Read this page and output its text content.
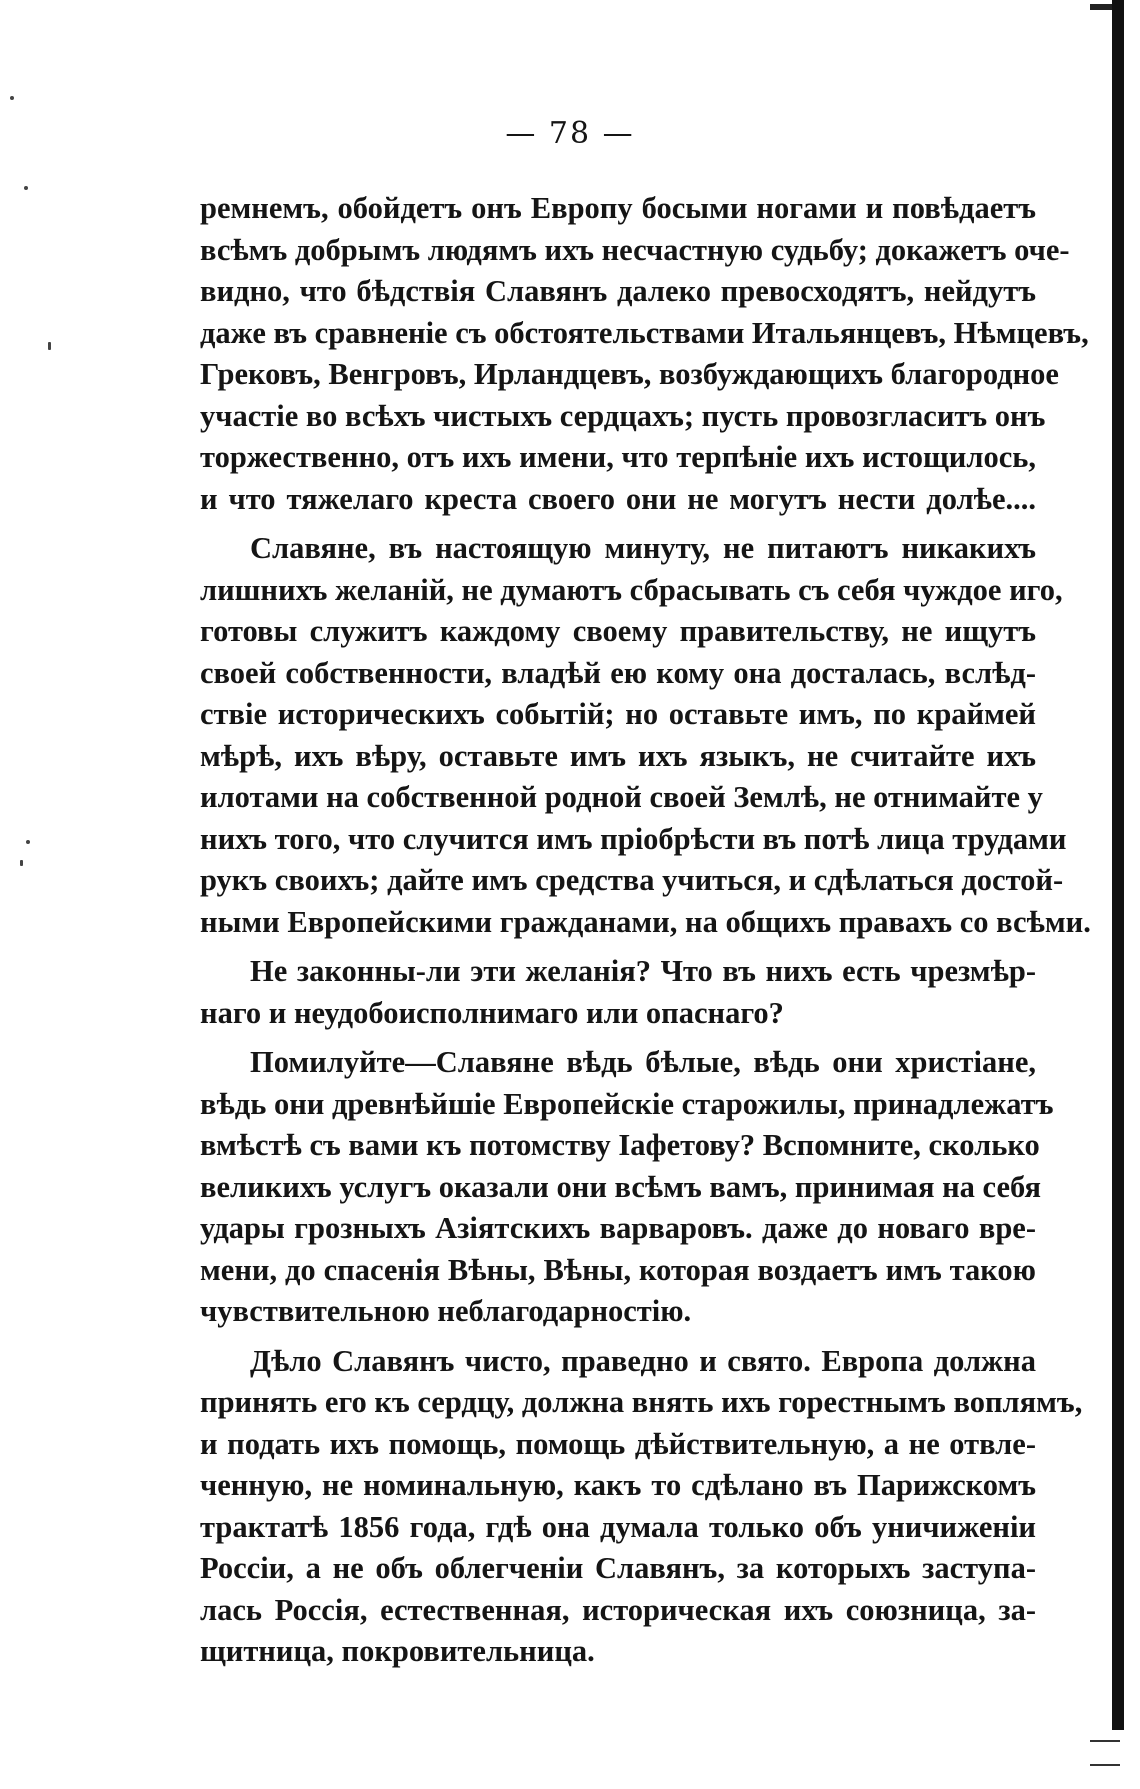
— 78 —
ремнемъ, обойдетъ онъ Европу босыми ногами и повѣдаетъ
всѣмъ добрымъ людямъ ихъ несчастную судьбу; докажетъ оче-
видно, что бѣдствія Славянъ далеко превосходятъ, нейдутъ
даже въ сравненіе съ обстоятельствами Итальянцевъ, Нѣмцевъ,
Грековъ, Венгровъ, Ирландцевъ, возбуждающихъ благородное
участіе во всѣхъ чистыхъ сердцахъ; пусть провозгласитъ онъ
торжественно, отъ ихъ имени, что терпѣніе ихъ истощилось,
и что тяжелаго креста своего они не могутъ нести долѣе....
Славяне, въ настоящую минуту, не питаютъ никакихъ
лишнихъ желаній, не думаютъ сбрасывать съ себя чуждое иго,
готовы служитъ каждому своему правительству, не ищутъ
своей собственности, владѣй ею кому она досталась, вслѣд-
ствіе историческихъ событій; но оставьте имъ, по краймей
мѣрѣ, ихъ вѣру, оставьте имъ ихъ языкъ, не считайте ихъ
илотами на собственной родной своей Землѣ, не отнимайте у
нихъ того, что случится имъ пріобрѣсти въ потѣ лица трудами
рукъ своихъ; дайте имъ средства учиться, и сдѣлаться достой-
ными Европейскими гражданами, на общихъ правахъ со всѣми.
Не законны-ли эти желанія? Что въ нихъ есть чрезмѣр-
наго и неудобоисполнимаго или опаснаго?
Помилуйте—Славяне вѣдь бѣлые, вѣдь они христіане,
вѣдь они древнѣйшіе Европейскіе старожилы, принадлежатъ
вмѣстѣ съ вами къ потомству Іафетову? Вспомните, сколько
великихъ услугъ оказали они всѣмъ вамъ, принимая на себя
удары грозныхъ Азіятскихъ варваровъ. даже до новаго вре-
мени, до спасенія Вѣны, Вѣны, которая воздаетъ имъ такою
чувствительною неблагодарностію.
Дѣло Славянъ чисто, праведно и свято. Европа должна
принять его къ сердцу, должна внять ихъ горестнымъ воплямъ,
и подать ихъ помощь, помощь дѣйствительную, а не отвле-
ченную, не номинальную, какъ то сдѣлано въ Парижскомъ
трактатѣ 1856 года, гдѣ она думала только объ уничиженіи
Россіи, а не объ облегченіи Славянъ, за которыхъ заступа-
лась Россія, естественная, историческая ихъ союзница, за-
щитница, покровительница.
